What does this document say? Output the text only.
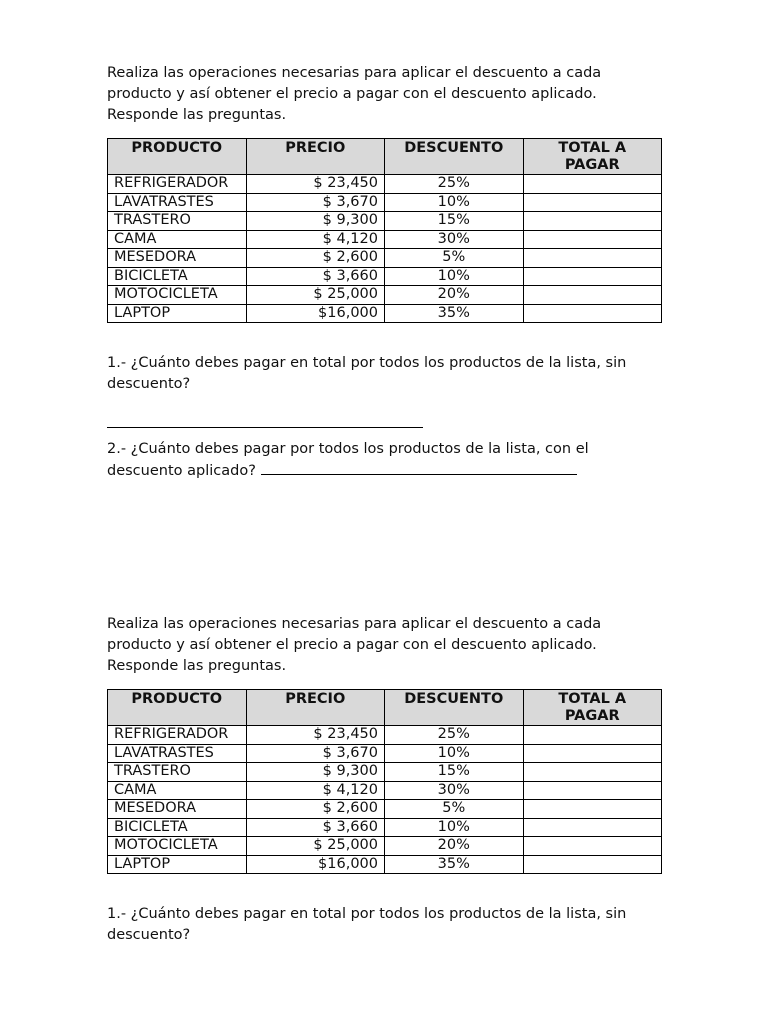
Realiza las operaciones necesarias para aplicar el descuento a cada producto y así obtener el precio a pagar con el descuento aplicado. Responde las preguntas.

PRODUCTO	PRECIO	DESCUENTO	TOTAL A PAGAR
REFRIGERADOR	$ 23,450	25%	
LAVATRASTES	$ 3,670	10%	
TRASTERO	$ 9,300	15%	
CAMA	$ 4,120	30%	
MESEDORA	$ 2,600	5%	
BICICLETA	$ 3,660	10%	
MOTOCICLETA	$ 25,000	20%	
LAPTOP	$16,000	35%	

1.- ¿Cuánto debes pagar en total por todos los productos de la lista, sin descuento?

2.- ¿Cuánto debes pagar por todos los productos de la lista, con el descuento aplicado?

Realiza las operaciones necesarias para aplicar el descuento a cada producto y así obtener el precio a pagar con el descuento aplicado. Responde las preguntas.

PRODUCTO	PRECIO	DESCUENTO	TOTAL A PAGAR
REFRIGERADOR	$ 23,450	25%	
LAVATRASTES	$ 3,670	10%	
TRASTERO	$ 9,300	15%	
CAMA	$ 4,120	30%	
MESEDORA	$ 2,600	5%	
BICICLETA	$ 3,660	10%	
MOTOCICLETA	$ 25,000	20%	
LAPTOP	$16,000	35%	

1.- ¿Cuánto debes pagar en total por todos los productos de la lista, sin descuento?
